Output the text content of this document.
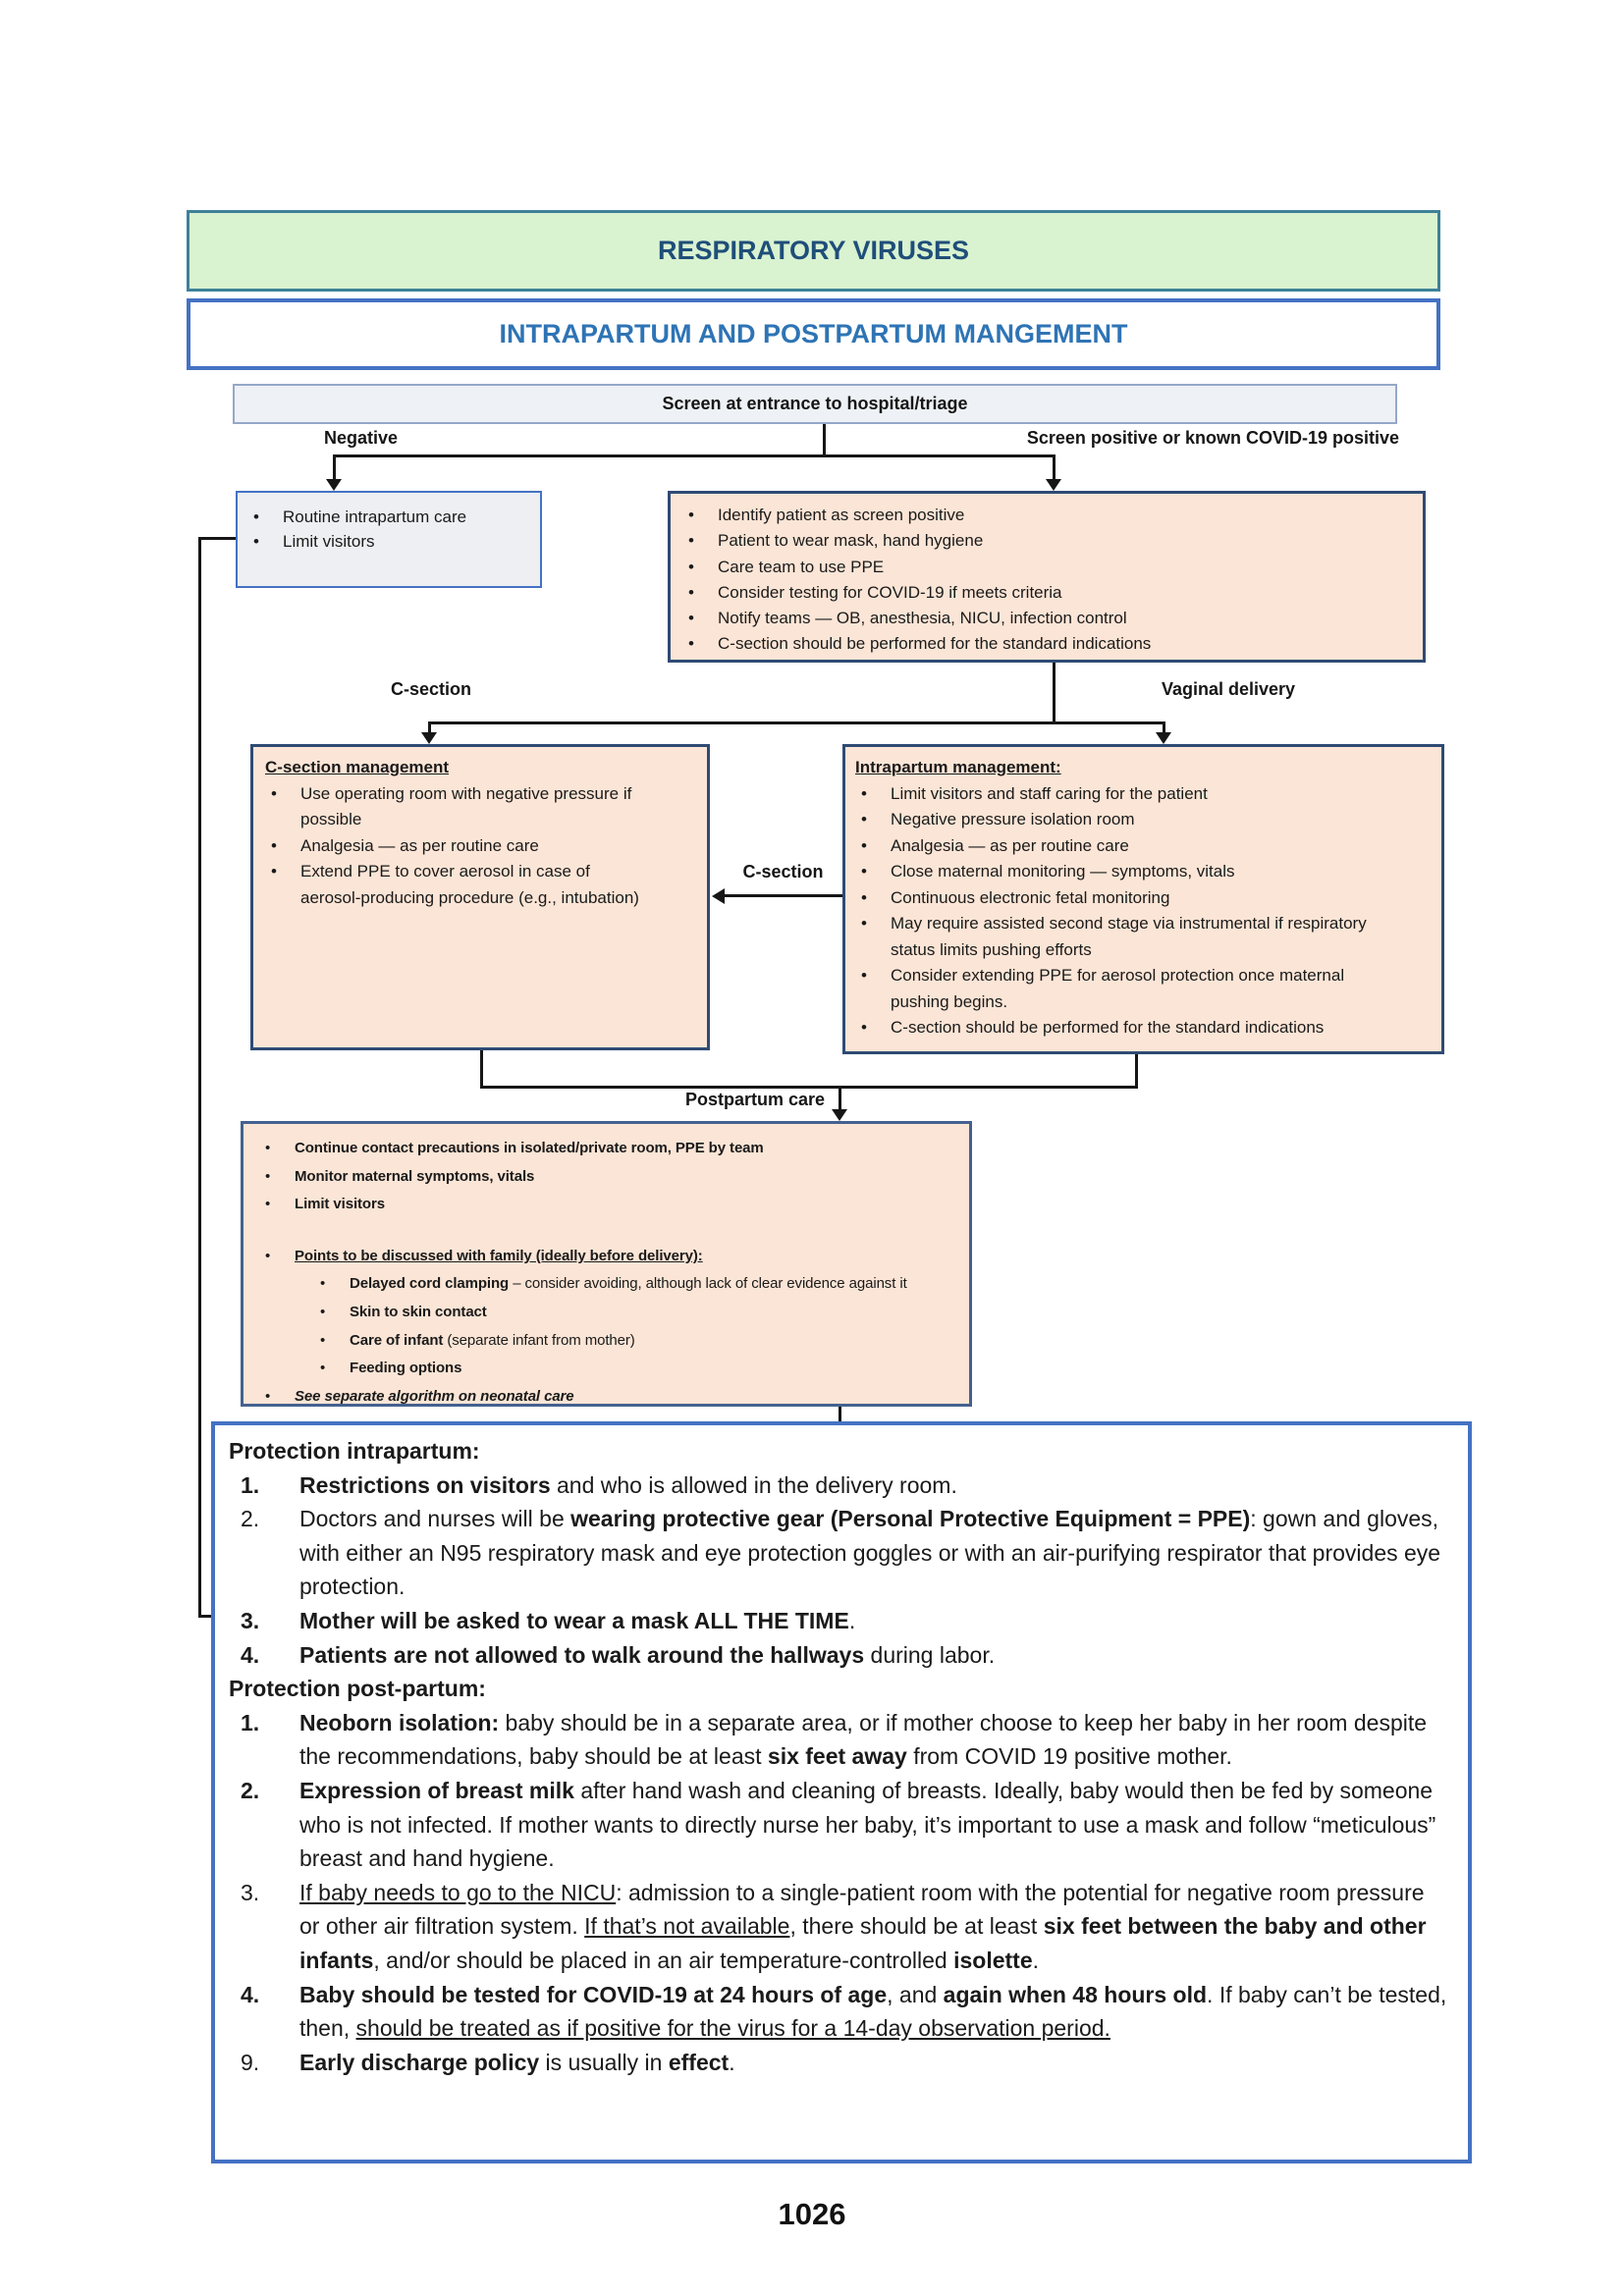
RESPIRATORY VIRUSES
INTRAPARTUM AND POSTPARTUM MANGEMENT
Screen at entrance to hospital/triage
Negative	Screen positive or known COVID-19 positive
C-section	Vaginal delivery
C-section
Postpartum care
• Routine intrapartum care
• Limit visitors
• Identify patient as screen positive
• Patient to wear mask, hand hygiene
• Care team to use PPE
• Consider testing for COVID-19 if meets criteria
• Notify teams — OB, anesthesia, NICU, infection control
• C-section should be performed for the standard indications
C-section management
• Use operating room with negative pressure if possible
• Analgesia — as per routine care
• Extend PPE to cover aerosol in case of aerosol-producing procedure (e.g., intubation)
Intrapartum management:
• Limit visitors and staff caring for the patient
• Negative pressure isolation room
• Analgesia — as per routine care
• Close maternal monitoring — symptoms, vitals
• Continuous electronic fetal monitoring
• May require assisted second stage via instrumental if respiratory status limits pushing efforts
• Consider extending PPE for aerosol protection once maternal pushing begins.
• C-section should be performed for the standard indications
• Continue contact precautions in isolated/private room, PPE by team
• Monitor maternal symptoms, vitals
• Limit visitors
• Points to be discussed with family (ideally before delivery):
• Delayed cord clamping – consider avoiding, although lack of clear evidence against it
• Skin to skin contact
• Care of infant (separate infant from mother)
• Feeding options
• See separate algorithm on neonatal care
Protection intrapartum:
1.	Restrictions on visitors and who is allowed in the delivery room.
2.	Doctors and nurses will be wearing protective gear (Personal Protective Equipment = PPE): gown and gloves, with either an N95 respiratory mask and eye protection goggles or with an air-purifying respirator that provides eye protection.
3.	Mother will be asked to wear a mask ALL THE TIME.
4.	Patients are not allowed to walk around the hallways during labor.
Protection post-partum:
1.	Neoborn isolation: baby should be in a separate area, or if mother choose to keep her baby in her room despite the recommendations, baby should be at least six feet away from COVID 19 positive mother.
2.	Expression of breast milk after hand wash and cleaning of breasts. Ideally, baby would then be fed by someone who is not infected. If mother wants to directly nurse her baby, it’s important to use a mask and follow “meticulous” breast and hand hygiene.
3.	If baby needs to go to the NICU: admission to a single-patient room with the potential for negative room pressure or other air filtration system. If that’s not available, there should be at least six feet between the baby and other infants, and/or should be placed in an air temperature-controlled isolette.
4.	Baby should be tested for COVID-19 at 24 hours of age, and again when 48 hours old. If baby can’t be tested, then, should be treated as if positive for the virus for a 14-day observation period.
9.	Early discharge policy is usually in effect.
1026
